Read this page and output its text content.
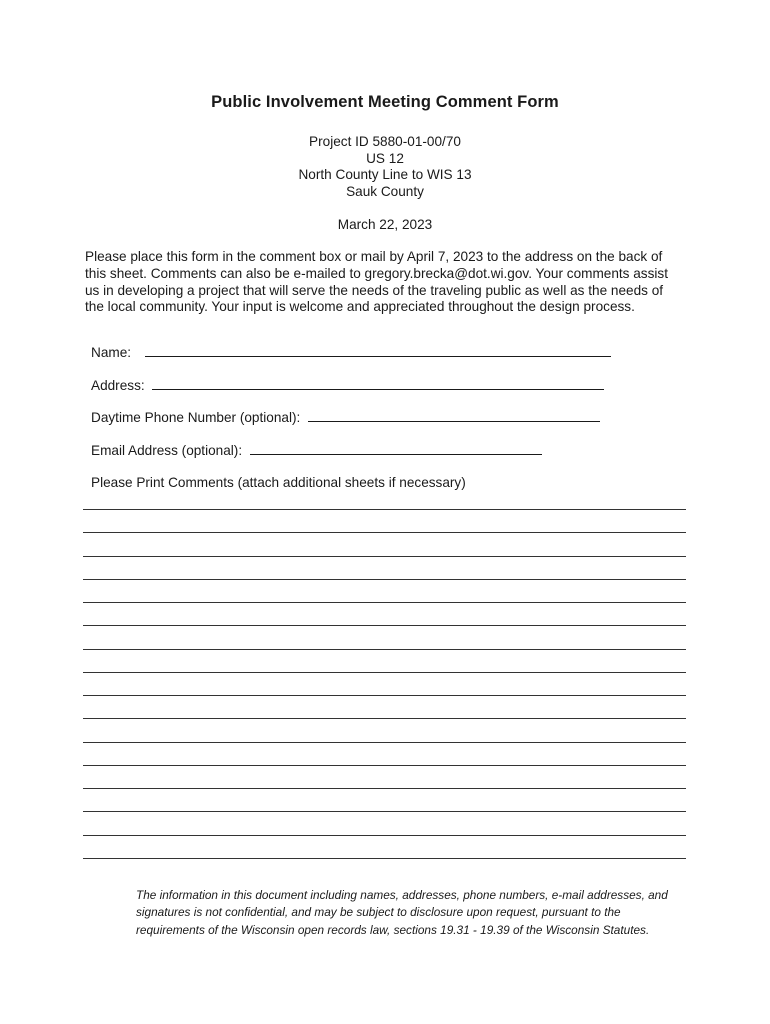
Public Involvement Meeting Comment Form
Project ID 5880-01-00/70
US 12
North County Line to WIS 13
Sauk County
March 22, 2023
Please place this form in the comment box or mail by April 7, 2023 to the address on the back of this sheet. Comments can also be e-mailed to gregory.brecka@dot.wi.gov. Your comments assist us in developing a project that will serve the needs of the traveling public as well as the needs of the local community. Your input is welcome and appreciated throughout the design process.
Name:
Address:
Daytime Phone Number (optional):
Email Address (optional):
Please Print Comments (attach additional sheets if necessary)
The information in this document including names, addresses, phone numbers, e-mail addresses, and signatures is not confidential, and may be subject to disclosure upon request, pursuant to the requirements of the Wisconsin open records law, sections 19.31 - 19.39 of the Wisconsin Statutes.
